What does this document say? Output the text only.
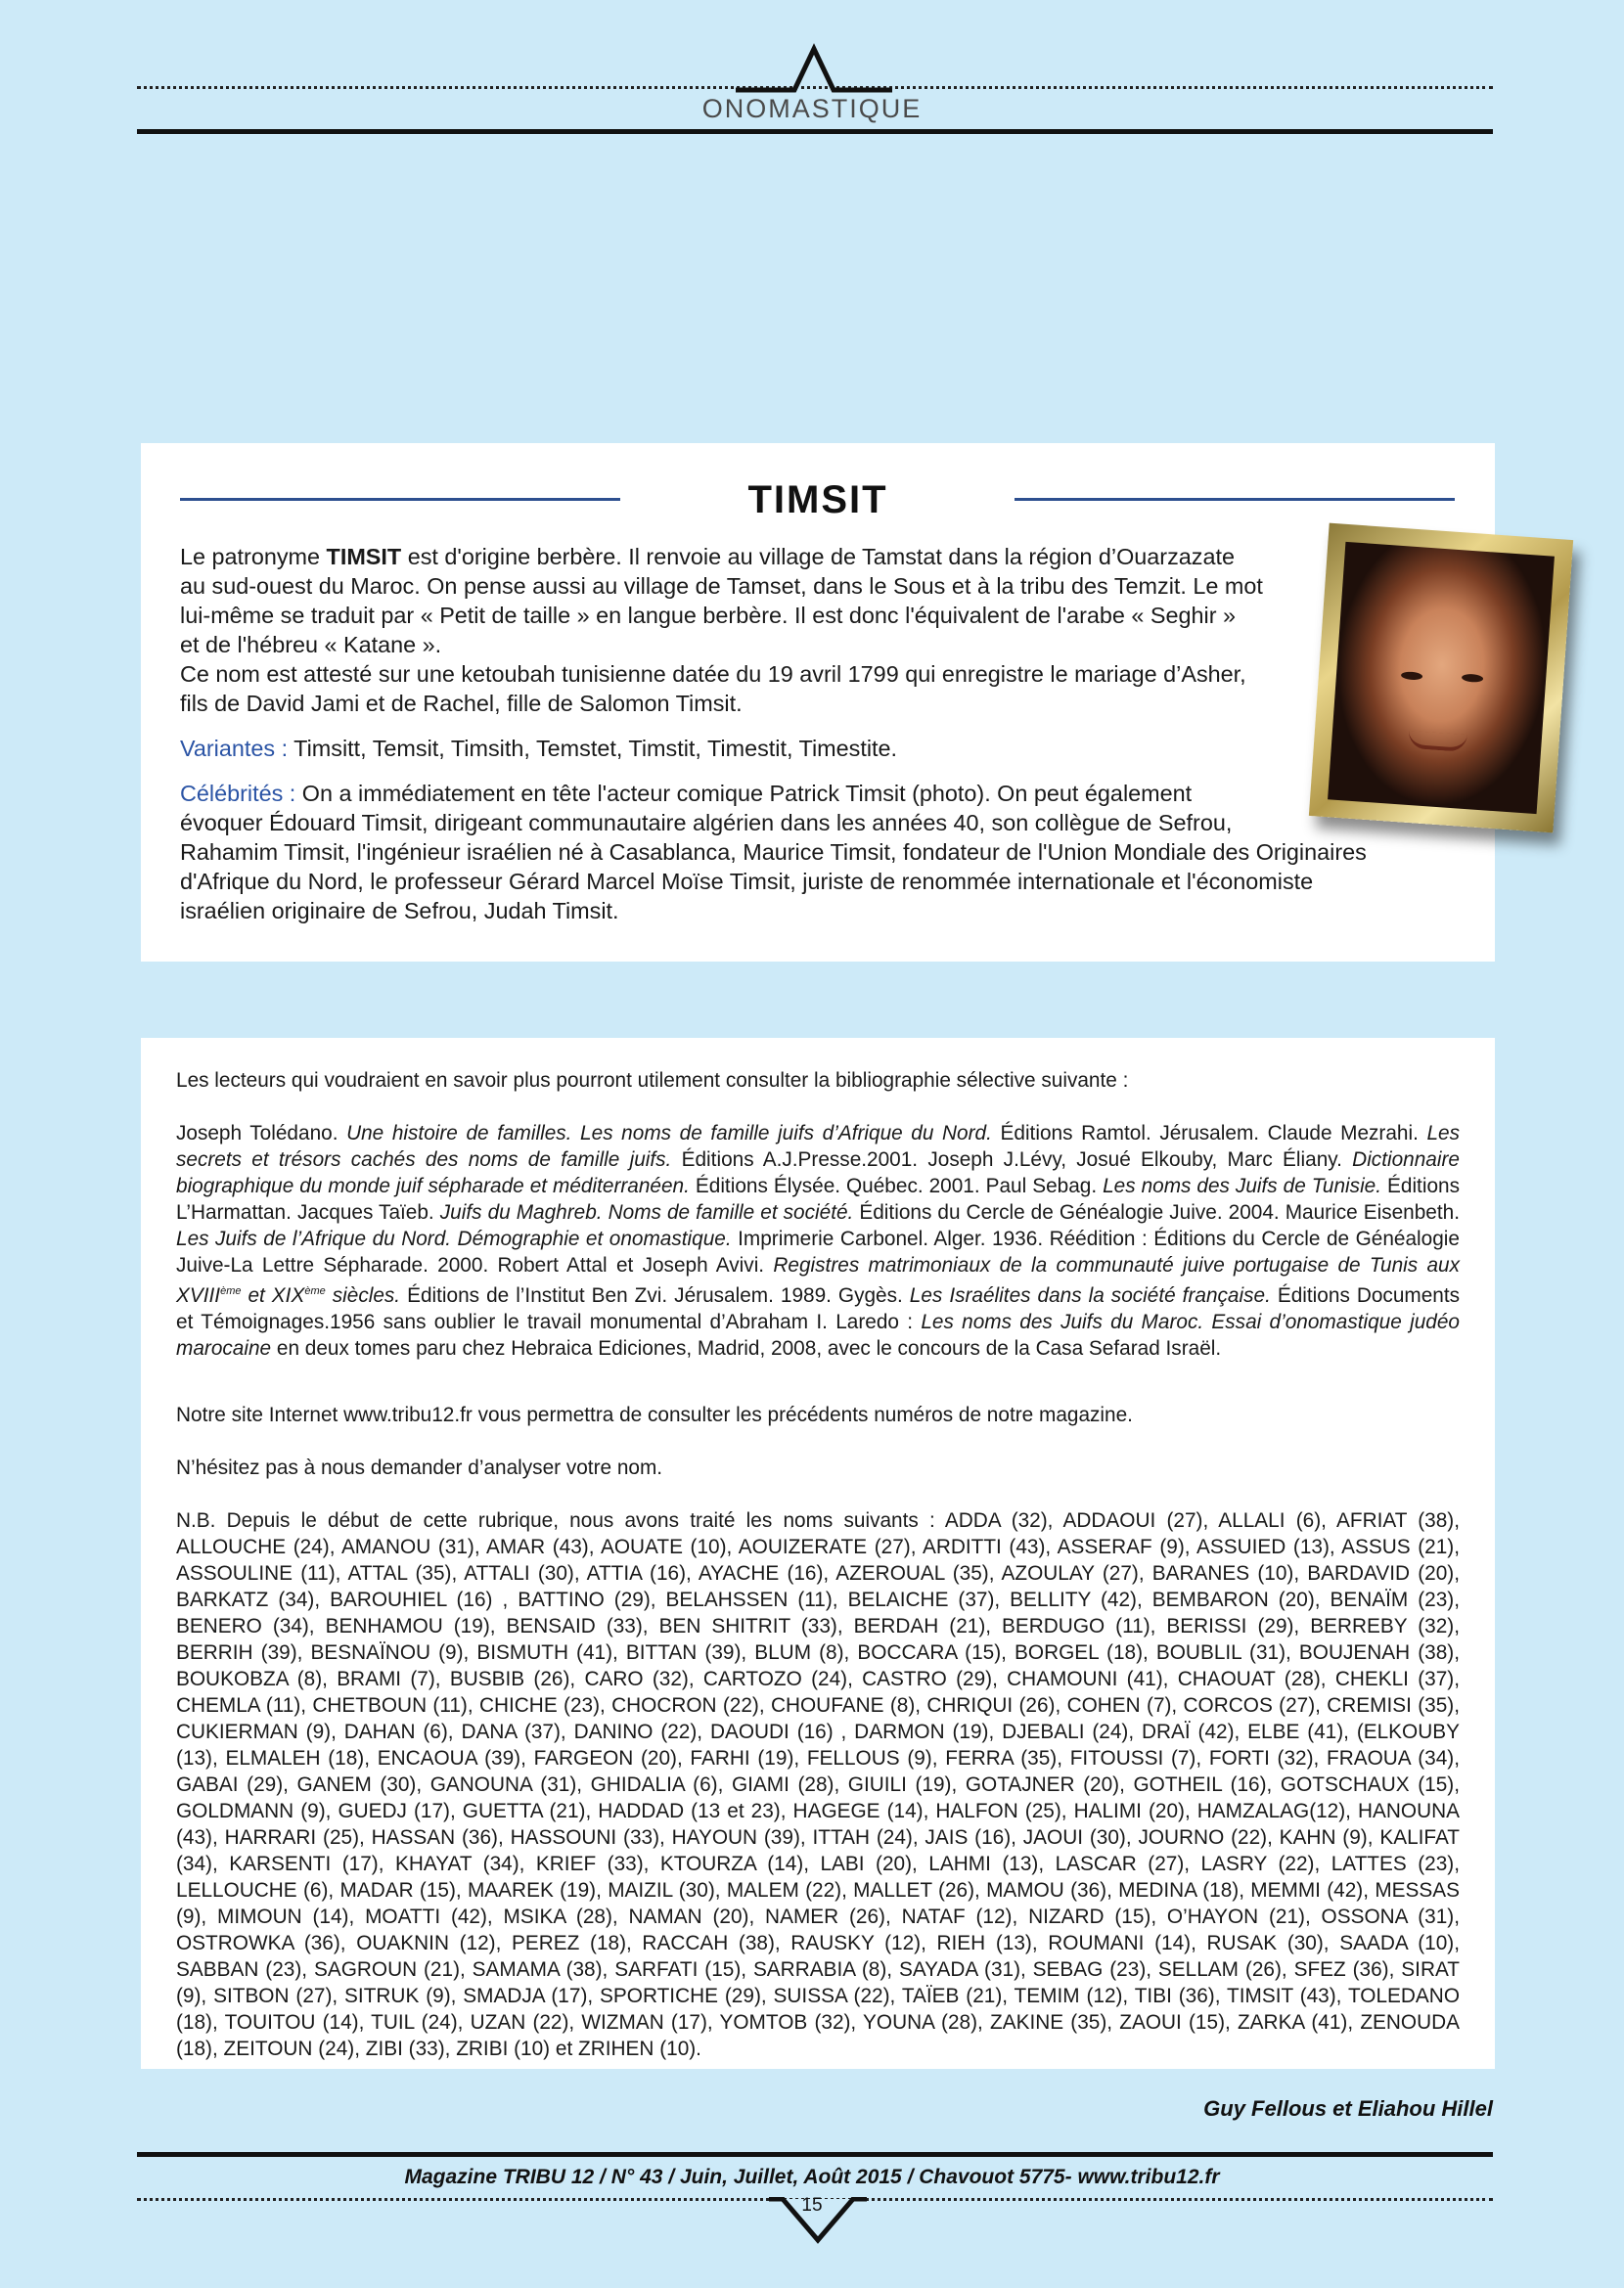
ONOMASTIQUE
TIMSIT
Le patronyme TIMSIT est d'origine berbère. Il renvoie au village de Tamstat dans la région d’Ouarzazate
au sud-ouest du Maroc. On pense aussi au village de Tamset, dans le Sous et à la tribu des Temzit. Le mot
lui-même se traduit par « Petit de taille » en langue berbère. Il est donc l'équivalent de l'arabe « Seghir »
et de l'hébreu « Katane ».
Ce nom est attesté sur une ketoubah tunisienne datée du 19 avril 1799 qui enregistre le mariage d’Asher,
fils de David Jami et de Rachel, fille de Salomon Timsit.
Variantes : Timsitt, Temsit, Timsith, Temstet, Timstit, Timestit, Timestite.
Célébrités : On a immédiatement en tête l'acteur comique Patrick Timsit (photo). On peut également
évoquer Édouard Timsit, dirigeant communautaire algérien dans les années 40, son collègue de Sefrou,
Rahamim Timsit, l'ingénieur israélien né à Casablanca, Maurice Timsit, fondateur de l'Union Mondiale des Originaires
d'Afrique du Nord, le professeur Gérard Marcel Moïse Timsit, juriste de renommée internationale et l'économiste
israélien originaire de Sefrou, Judah Timsit.
Les lecteurs qui voudraient en savoir plus pourront utilement consulter la bibliographie sélective suivante :
Joseph Tolédano. Une histoire de familles. Les noms de famille juifs d’Afrique du Nord. Éditions Ramtol. Jérusalem. Claude Mezrahi. Les secrets et trésors cachés des noms de famille juifs. Éditions A.J.Presse.2001. Joseph J.Lévy, Josué Elkouby, Marc Éliany. Dictionnaire biographique du monde juif sépharade et méditerranéen. Éditions Élysée. Québec. 2001. Paul Sebag. Les noms des Juifs de Tunisie. Éditions L’Harmattan. Jacques Taïeb. Juifs du Maghreb. Noms de famille et société. Éditions du Cercle de Généalogie Juive. 2004. Maurice Eisenbeth. Les Juifs de l’Afrique du Nord. Démographie et onomastique. Imprimerie Carbonel. Alger. 1936. Réédition : Éditions du Cercle de Généalogie Juive-La Lettre Sépharade. 2000. Robert Attal et Joseph Avivi. Registres matrimoniaux de la communauté juive portugaise de Tunis aux XVIIIème et XIXème siècles. Éditions de l’Institut Ben Zvi. Jérusalem. 1989. Gygès. Les Israélites dans la société française. Éditions Documents et Témoignages.1956 sans oublier le travail monumental d’Abraham I. Laredo : Les noms des Juifs du Maroc. Essai d’onomastique judéo marocaine en deux tomes paru chez Hebraica Ediciones, Madrid, 2008, avec le concours de la Casa Sefarad Israël.
Notre site Internet www.tribu12.fr vous permettra de consulter les précédents numéros de notre magazine.
N’hésitez pas à nous demander d’analyser votre nom.
N.B. Depuis le début de cette rubrique, nous avons traité les noms suivants : ADDA (32), ADDAOUI (27), ALLALI (6), AFRIAT (38), ALLOUCHE (24), AMANOU (31), AMAR (43), AOUATE (10), AOUIZERATE (27), ARDITTI (43), ASSERAF (9), ASSUIED (13), ASSUS (21), ASSOULINE (11), ATTAL (35), ATTALI (30), ATTIA (16), AYACHE (16), AZEROUAL (35), AZOULAY (27), BARANES (10), BARDAVID (20), BARKATZ (34), BAROUHIEL (16) , BATTINO (29), BELAHSSEN (11), BELAICHE (37), BELLITY (42), BEMBARON (20), BENAÏM (23), BENERO (34), BENHAMOU (19), BENSAID (33), BEN SHITRIT (33), BERDAH (21), BERDUGO (11), BERISSI (29), BERREBY (32), BERRIH (39), BESNAÏNOU (9), BISMUTH (41), BITTAN (39), BLUM (8), BOCCARA (15), BORGEL (18), BOUBLIL (31), BOUJENAH (38), BOUKOBZA (8), BRAMI (7), BUSBIB (26), CARO (32), CARTOZO (24), CASTRO (29), CHAMOUNI (41), CHAOUAT (28), CHEKLI (37), CHEMLA (11), CHETBOUN (11), CHICHE (23), CHOCRON (22), CHOUFANE (8), CHRIQUI (26), COHEN (7), CORCOS (27), CREMISI (35), CUKIERMAN (9), DAHAN (6), DANA (37), DANINO (22), DAOUDI (16) , DARMON (19), DJEBALI (24), DRAÏ (42), ELBE (41), (ELKOUBY (13), ELMALEH (18), ENCAOUA (39), FARGEON (20), FARHI (19), FELLOUS (9), FERRA (35), FITOUSSI (7), FORTI (32), FRAOUA (34), GABAI (29), GANEM (30), GANOUNA (31), GHIDALIA (6), GIAMI (28), GIUILI (19), GOTAJNER (20), GOTHEIL (16), GOTSCHAUX (15), GOLDMANN (9), GUEDJ (17), GUETTA (21), HADDAD (13 et 23), HAGEGE (14), HALFON (25), HALIMI (20), HAMZALAG(12), HANOUNA (43), HARRARI (25), HASSAN (36), HASSOUNI (33), HAYOUN (39), ITTAH (24), JAIS (16), JAOUI (30), JOURNO (22), KAHN (9), KALIFAT (34), KARSENTI (17), KHAYAT (34), KRIEF (33), KTOURZA (14), LABI (20), LAHMI (13), LASCAR (27), LASRY (22), LATTES (23), LELLOUCHE (6), MADAR (15), MAAREK (19), MAIZIL (30), MALEM (22), MALLET (26), MAMOU (36), MEDINA (18), MEMMI (42), MESSAS (9), MIMOUN (14), MOATTI (42), MSIKA (28), NAMAN (20), NAMER (26), NATAF (12), NIZARD (15), O’HAYON (21), OSSONA (31), OSTROWKA (36), OUAKNIN (12), PEREZ (18), RACCAH (38), RAUSKY (12), RIEH (13), ROUMANI (14), RUSAK (30), SAADA (10), SABBAN (23), SAGROUN (21), SAMAMA (38), SARFATI (15), SARRABIA (8), SAYADA (31), SEBAG (23), SELLAM (26), SFEZ (36), SIRAT (9), SITBON (27), SITRUK (9), SMADJA (17), SPORTICHE (29), SUISSA (22), TAÏEB (21), TEMIM (12), TIBI (36), TIMSIT (43), TOLEDANO (18), TOUITOU (14), TUIL (24), UZAN (22), WIZMAN (17), YOMTOB (32), YOUNA (28), ZAKINE (35), ZAOUI (15), ZARKA (41), ZENOUDA (18), ZEITOUN (24), ZIBI (33), ZRIBI (10) et ZRIHEN (10).
Guy Fellous et Eliahou Hillel
Magazine TRIBU 12 / N° 43 / Juin, Juillet, Août 2015 / Chavouot 5775- www.tribu12.fr
15
